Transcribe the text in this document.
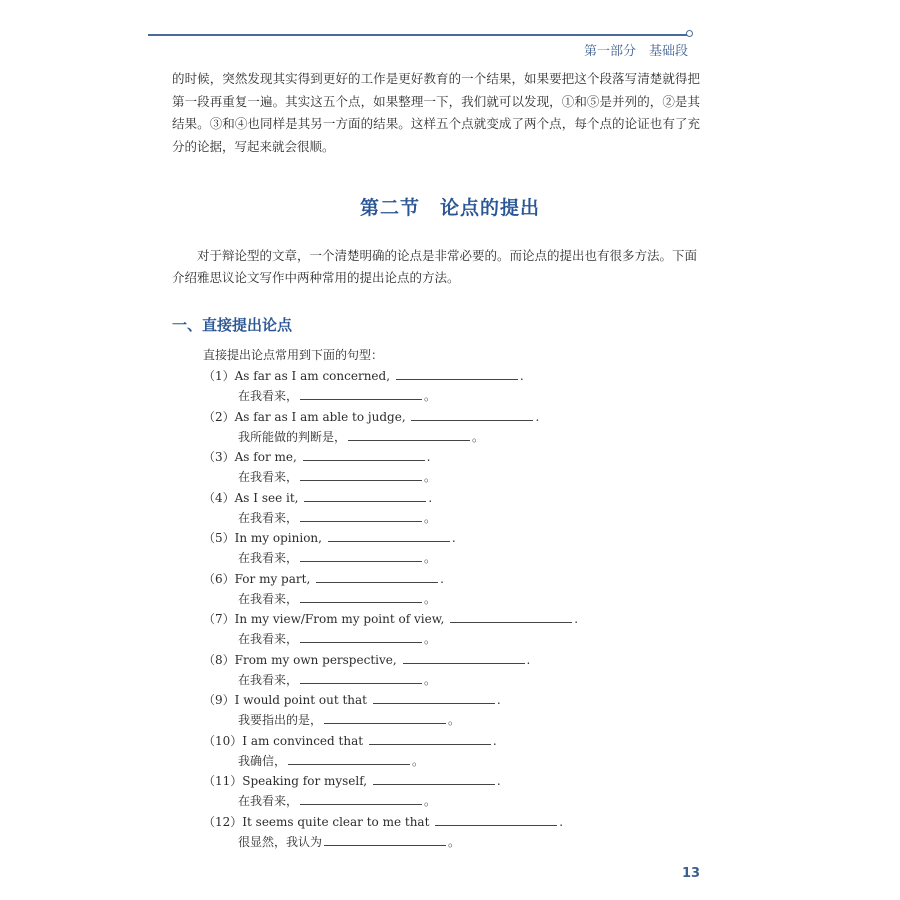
第一部分　基础段

的时候，突然发现其实得到更好的工作是更好教育的一个结果，如果要把这个段落写清楚就得把第一段再重复一遍。其实这五个点，如果整理一下，我们就可以发现，①和⑤是并列的，②是其结果。③和④也同样是其另一方面的结果。这样五个点就变成了两个点，每个点的论证也有了充分的论据，写起来就会很顺。

第二节　论点的提出

对于辩论型的文章，一个清楚明确的论点是非常必要的。而论点的提出也有很多方法。下面介绍雅思议论文写作中两种常用的提出论点的方法。

一、直接提出论点
直接提出论点常用到下面的句型：
（1）As far as I am concerned,	.
在我看来，	。
（2）As far as I am able to judge,	.
我所能做的判断是，	。
（3）As for me,	.
在我看来，	。
（4）As I see it,	.
在我看来，	。
（5）In my opinion,	.
在我看来，	。
（6）For my part,	.
在我看来，	。
（7）In my view/From my point of view,	.
在我看来，	。
（8）From my own perspective,	.
在我看来，	。
（9）I would point out that	.
我要指出的是，	。
（10）I am convinced that	.
我确信，	。
（11）Speaking for myself,	.
在我看来，	。
（12）It seems quite clear to me that	.
很显然，我认为	。
13
